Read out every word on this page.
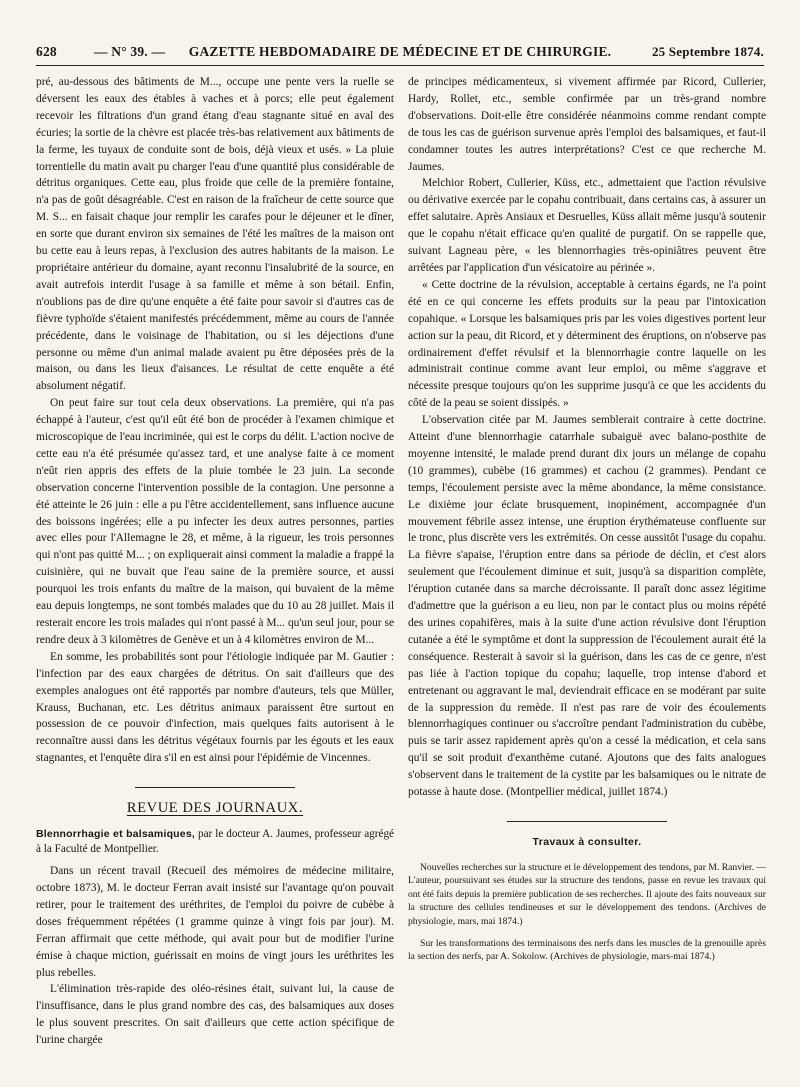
628	— N° 39. —	GAZETTE HEBDOMADAIRE DE MÉDECINE ET DE CHIRURGIE.	25 Septembre 1874.

pré, au-dessous des bâtiments de M..., occupe une pente vers la ruelle se déversent les eaux des étables à vaches et à porcs; elle peut également recevoir les filtrations d'un grand étang d'eau stagnante situé en aval des écuries; la sortie de la chèvre est placée très-bas relativement aux bâtiments de la ferme, les tuyaux de conduite sont de bois, déjà vieux et usés. » La pluie torrentielle du matin avait pu charger l'eau d'une quantité plus considérable de détritus organiques. Cette eau, plus froide que celle de la première fontaine, n'a pas de goût désagréable. C'est en raison de la fraîcheur de cette source que M. S... en faisait chaque jour remplir les carafes pour le déjeuner et le dîner, en sorte que durant environ six semaines de l'été les maîtres de la maison ont bu cette eau à leurs repas, à l'exclusion des autres habitants de la maison. Le propriétaire antérieur du domaine, ayant reconnu l'insalubrité de la source, en avait autrefois interdit l'usage à sa famille et même à son bétail. Enfin, n'oublions pas de dire qu'une enquête a été faite pour savoir si d'autres cas de fièvre typhoïde s'étaient manifestés précédemment, même au cours de l'année précédente, dans le voisinage de l'habitation, ou si les déjections d'une personne ou même d'un animal malade avaient pu être déposées près de la maison, ou dans les lieux d'aisances. Le résultat de cette enquête a été absolument négatif.

On peut faire sur tout cela deux observations. La première, qui n'a pas échappé à l'auteur, c'est qu'il eût été bon de procéder à l'examen chimique et microscopique de l'eau incriminée, qui est le corps du délit. L'action nocive de cette eau n'a été présumée qu'assez tard, et une analyse faite à ce moment n'eût rien appris des effets de la pluie tombée le 23 juin. La seconde observation concerne l'intervention possible de la contagion. Une personne a été atteinte le 26 juin : elle a pu l'être accidentellement, sans influence aucune des boissons ingérées; elle a pu infecter les deux autres personnes, parties avec elles pour l'Allemagne le 28, et même, à la rigueur, les trois personnes qui n'ont pas quitté M... ; on expliquerait ainsi comment la maladie a frappé la cuisinière, qui ne buvait que l'eau saine de la première source, et aussi pourquoi les trois enfants du maître de la maison, qui buvaient de la même eau depuis longtemps, ne sont tombés malades que du 10 au 28 juillet. Mais il resterait encore les trois malades qui n'ont passé à M... qu'un seul jour, pour se rendre deux à 3 kilomètres de Genève et un à 4 kilomètres environ de M...

En somme, les probabilités sont pour l'étiologie indiquée par M. Gautier : l'infection par des eaux chargées de détritus. On sait d'ailleurs que des exemples analogues ont été rapportés par nombre d'auteurs, tels que Müller, Krauss, Buchanan, etc. Les détritus animaux paraissent être surtout en possession de ce pouvoir d'infection, mais quelques faits autorisent à le reconnaître aussi dans les détritus végétaux fournis par les égouts et les eaux stagnantes, et l'enquête dira s'il en est ainsi pour l'épidémie de Vincennes.

REVUE DES JOURNAUX.
Blennorrhagie et balsamiques, par le docteur A. Jaumes, professeur agrégé à la Faculté de Montpellier.

Dans un récent travail (Recueil des mémoires de médecine militaire, octobre 1873), M. le docteur Ferran avait insisté sur l'avantage qu'on pouvait retirer, pour le traitement des uréthrites, de l'emploi du poivre de cubèbe à doses fréquemment répétées (1 gramme quinze à vingt fois par jour). M. Ferran affirmait que cette méthode, qui avait pour but de modifier l'urine émise à chaque miction, guérissait en moins de vingt jours les uréthrites les plus rebelles.

L'élimination très-rapide des oléo-résines était, suivant lui, la cause de l'insuffisance, dans le plus grand nombre des cas, des balsamiques aux doses le plus souvent prescrites. On sait d'ailleurs que cette action spécifique de l'urine chargée

de principes médicamenteux, si vivement affirmée par Ricord, Cullerier, Hardy, Rollet, etc., semble confirmée par un très-grand nombre d'observations. Doit-elle être considérée néanmoins comme rendant compte de tous les cas de guérison survenue après l'emploi des balsamiques, et faut-il condamner toutes les autres interprétations? C'est ce que recherche M. Jaumes.

Melchior Robert, Cullerier, Küss, etc., admettaient que l'action révulsive ou dérivative exercée par le copahu contribuait, dans certains cas, à assurer un effet salutaire. Après Ansiaux et Desruelles, Küss allait même jusqu'à soutenir que le copahu n'était efficace qu'en qualité de purgatif. On se rappelle que, suivant Lagneau père, « les blennorrhagies très-opiniâtres peuvent être arrêtées par l'application d'un vésicatoire au périnée ».

« Cette doctrine de la révulsion, acceptable à certains égards, ne l'a point été en ce qui concerne les effets produits sur la peau par l'intoxication copahique. « Lorsque les balsamiques pris par les voies digestives portent leur action sur la peau, dit Ricord, et y déterminent des éruptions, on n'observe pas ordinairement d'effet révulsif et la blennorrhagie contre laquelle on les administrait continue comme avant leur emploi, ou même s'aggrave et nécessite presque toujours qu'on les supprime jusqu'à ce que les accidents du côté de la peau se soient dissipés. »

L'observation citée par M. Jaumes semblerait contraire à cette doctrine. Atteint d'une blennorrhagie catarrhale subaiguë avec balano-posthite de moyenne intensité, le malade prend durant dix jours un mélange de copahu (10 grammes), cubèbe (16 grammes) et cachou (2 grammes). Pendant ce temps, l'écoulement persiste avec la même abondance, la même consistance. Le dixième jour éclate brusquement, inopinément, accompagnée d'un mouvement fébrile assez intense, une éruption érythémateuse confluente sur le tronc, plus discrète vers les extrémités. On cesse aussitôt l'usage du copahu. La fièvre s'apaise, l'éruption entre dans sa période de déclin, et c'est alors seulement que l'écoulement diminue et suit, jusqu'à sa disparition complète, l'éruption cutanée dans sa marche décroissante. Il paraît donc assez légitime d'admettre que la guérison a eu lieu, non par le contact plus ou moins répété des urines copahifères, mais à la suite d'une action révulsive dont l'éruption cutanée a été le symptôme et dont la suppression de l'écoulement aurait été la conséquence. Resterait à savoir si la guérison, dans les cas de ce genre, n'est pas liée à l'action topique du copahu; laquelle, trop intense d'abord et entretenant ou aggravant le mal, deviendrait efficace en se modérant par suite de la suppression du remède. Il n'est pas rare de voir des écoulements blennorrhagiques continuer ou s'accroître pendant l'administration du cubèbe, puis se tarir assez rapidement après qu'on a cessé la médication, et cela sans qu'il se soit produit d'exanthème cutané. Ajoutons que des faits analogues s'observent dans le traitement de la cystite par les balsamiques ou le nitrate de potasse à haute dose. (Montpellier médical, juillet 1874.)

Travaux à consulter.

Nouvelles recherches sur la structure et le développement des tendons, par M. Ranvier. — L'auteur, poursuivant ses études sur la structure des tendons, passe en revue les travaux qui ont été faits depuis la première publication de ses recherches. Il ajoute des faits nouveaux sur la structure des cellules tendineuses et sur le développement des tendons. (Archives de physiologie, mars, mai 1874.)

Sur les transformations des terminaisons des nerfs dans les muscles de la grenouille après la section des nerfs, par A. Sokolow. (Archives de physiologie, mars-mai 1874.)
